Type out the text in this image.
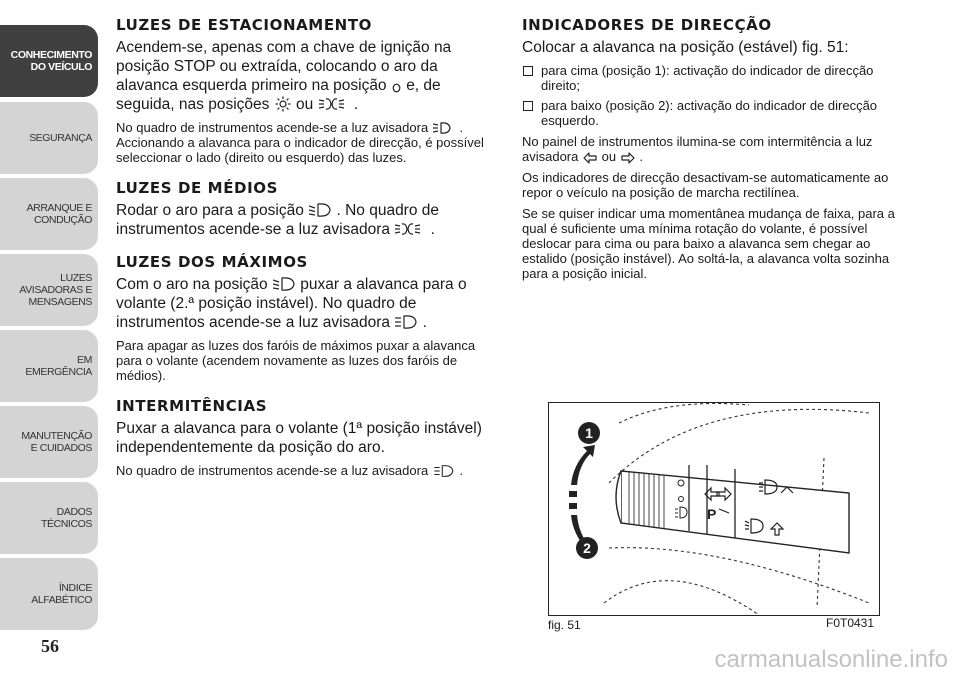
CONHECIMENTO DO VEÍCULO
SEGURANÇA
ARRANQUE E CONDUÇÃO
LUZES AVISADORAS E MENSAGENS
EM EMERGÊNCIA
MANUTENÇÃO E CUIDADOS
DADOS TÉCNICOS
ÍNDICE ALFABÉTICO
56
LUZES DE ESTACIONAMENTO

Acendem-se, apenas com a chave de ignição na posição STOP ou extraída, colocando o aro da alavanca esquerda primeiro na posição e, de seguida, nas posições ou	.

No quadro de instrumentos acende-se a luz avisadora . Accionando a alavanca para o indicador de direcção, é possível seleccionar o lado (direito ou esquerdo) das luzes.

LUZES DE MÉDIOS

Rodar o aro para a posição . No quadro de instrumentos acende-se a luz avisadora	.

LUZES DOS MÁXIMOS

Com o aro na posição puxar a alavanca para o volante (2.ª posição instável). No quadro de instrumentos acende-se a luz avisadora .

Para apagar as luzes dos faróis de máximos puxar a alavanca para o volante (acendem novamente as luzes dos faróis de médios).

INTERMITÊNCIAS

Puxar a alavanca para o volante (1ª posição instável) independentemente da posição do aro.

No quadro de instrumentos acende-se a luz avisadora .

INDICADORES DE DIRECÇÃO

Colocar a alavanca na posição (estável) fig. 51:

para cima (posição 1): activação do indicador de direcção direito;
para baixo (posição 2): activação do indicador de direcção esquerdo.

No painel de instrumentos ilumina-se com intermitência a luz avisadora ou .

Os indicadores de direcção desactivam-se automaticamente ao repor o veículo na posição de marcha rectilínea.

Se se quiser indicar uma momentânea mudança de faixa, para a qual é suficiente uma mínima rotação do volante, é possível deslocar para cima ou para baixo a alavanca sem chegar ao estalido (posição instável). Ao soltá-la, a alavanca volta sozinha para a posição inicial.

P
1
2
fig. 51	F0T0431
carmanualsonline.info
